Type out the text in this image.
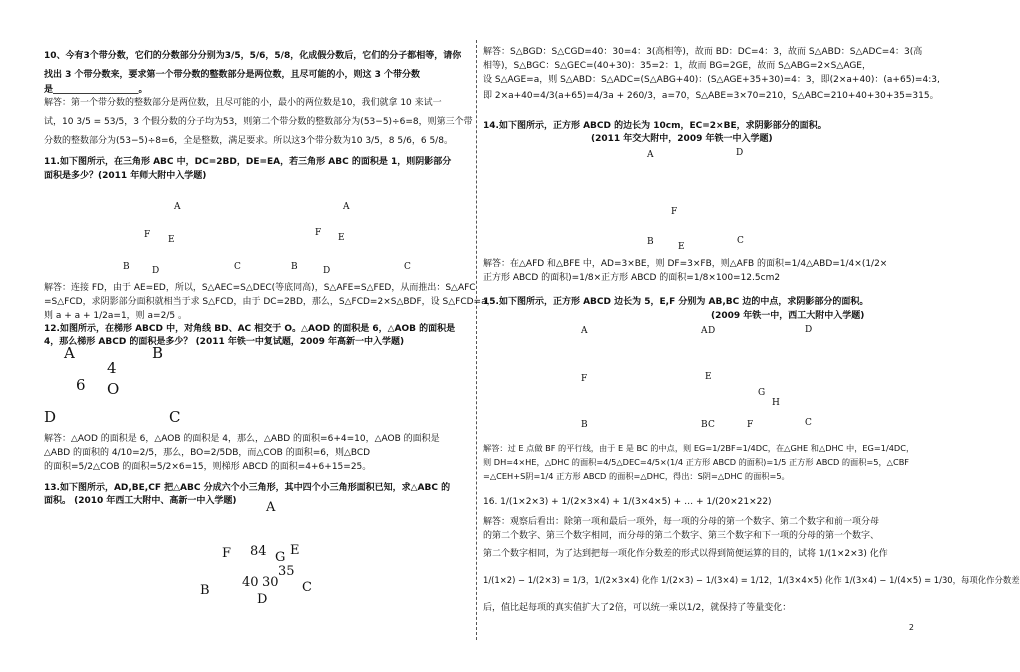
10、今有3个带分数，它们的分数部分分别为3/5，5/6，5/8，化成假分数后，它们的分子都相等，请你
找出 3 个带分数来，要求第一个带分数的整数部分是两位数，且尽可能的小，则这 3 个带分数
是___________________。
解答：第一个带分数的整数部分是两位数，且尽可能的小，最小的两位数是10，我们就拿 10 来试一
试，10 3/5 = 53/5，3 个假分数的分子均为53，则第二个带分数的整数部分为(53−5)÷6=8，则第三个带
分数的整数部分为(53−5)÷8=6，全是整数，满足要求。所以这3个带分数为10 3/5，8 5/6，6 5/8。
11.如下图所示，在三角形 ABC 中，DC=2BD，DE=EA，若三角形 ABC 的面积是 1，则阴影部分
面积是多少？(2011 年师大附中入学题)
A
F E
B D	C
A
F E
B	D	C
解答：连接 FD，由于 AE=ED，所以，S△AEC=S△DEC(等底同高)，S△AFE=S△FED，从而推出：S△AFC
=S△FCD，求阴影部分面积就相当于求 S△FCD，由于 DC=2BD，那么，S△FCD=2×S△BDF，设 S△FCD=a，
则 a + a + 1/2a=1，则 a=2/5 。
12.如图所示，在梯形 ABCD 中，对角线 BD、AC 相交于 O。△AOD 的面积是 6，△AOB 的面积是
4，那么梯形 ABCD 的面积是多少？ (2011 年铁一中复试题，2009 年高新一中入学题)
A	B
4
6 O
D	C
解答：△AOD 的面积是 6，△AOB 的面积是 4，那么，△ABD 的面积=6+4=10，△AOB 的面积是
△ABD 的面积的 4/10=2/5，那么，BO=2/5DB，而△COB 的面积=6，则△BCD
的面积=5/2△COB 的面积=5/2×6=15，则梯形 ABCD 的面积=4+6+15=25。
13.如下图所示，AD,BE,CF 把△ABC 分成六个小三角形，其中四个小三角形面积已知，求△ABC 的
面积。 (2010 年西工大附中、高新一中入学题) A
F 84 G E
35
40 30
B
D
C
解答：S△BGD：S△CGD=40：30=4：3(高相等)，故而 BD：DC=4：3，故而 S△ABD：S△ADC=4：3(高
相等)，S△BGC：S△GEC=(40+30)：35=2：1，故而 BG=2GE，故而 S△ABG=2×S△AGE，
设 S△AGE=a，则 S△ABD：S△ADC=(S△ABG+40)：(S△AGE+35+30)=4：3，即(2×a+40)：(a+65)=4:3,
即 2×a+40=4/3(a+65)=4/3a + 260/3，a=70，S△ABE=3×70=210，S△ABC=210+40+30+35=315。
14.如下图所示，正方形 ABCD 的边长为 10cm，EC=2×BE，求阴影部分的面积。
(2011 年交大附中，2009 年铁一中入学题)
A	D
F
B	E
C
解答：在△AFD 和△BFE 中，AD=3×BE，则 DF=3×FB，则△AFB 的面积=1/4△ABD=1/4×(1/2×
正方形 ABCD 的面积)=1/8×正方形 ABCD 的面积=1/8×100=12.5cm2
15.如下图所示，正方形 ABCD 边长为 5，E,F 分别为 AB,BC 边的中点，求阴影部分的面积。
(2009 年铁一中，西工大附中入学题)
A	D
F
B	C
A	D
E
G
H
B	F	C
解答：过 E 点做 BF 的平行线，由于 E 是 BC 的中点，则 EG=1/2BF=1/4DC，在△GHE 和△DHC 中，EG=1/4DC，
则 DH=4×HE，△DHC 的面积=4/5△DEC=4/5×(1/4 正方形 ABCD 的面积)=1/5 正方形 ABCD 的面积=5，△CBF
=△CEH+S阴=1/4 正方形 ABCD 的面积=△DHC，得出：S阴=△DHC 的面积=5。
16. 1/(1×2×3) + 1/(2×3×4) + 1/(3×4×5) + … + 1/(20×21×22)
解答：观察后看出：除第一项和最后一项外，每一项的分母的第一个数字、第二个数字和前一项分母
的第二个数字、第三个数字相同，而分母的第二个数字、第三个数字和下一项的分母的第一个数字、
第二个数字相同，为了达到把每一项化作分数差的形式以得到简便运算的目的，试将 1/(1×2×3) 化作
1/(1×2) − 1/(2×3) = 1/3，1/(2×3×4) 化作 1/(2×3) − 1/(3×4) = 1/12，1/(3×4×5) 化作 1/(3×4) − 1/(4×5) = 1/30，每项化作分数差
后，值比起每项的真实值扩大了2倍，可以统一乘以1/2，就保持了等量变化：
2
